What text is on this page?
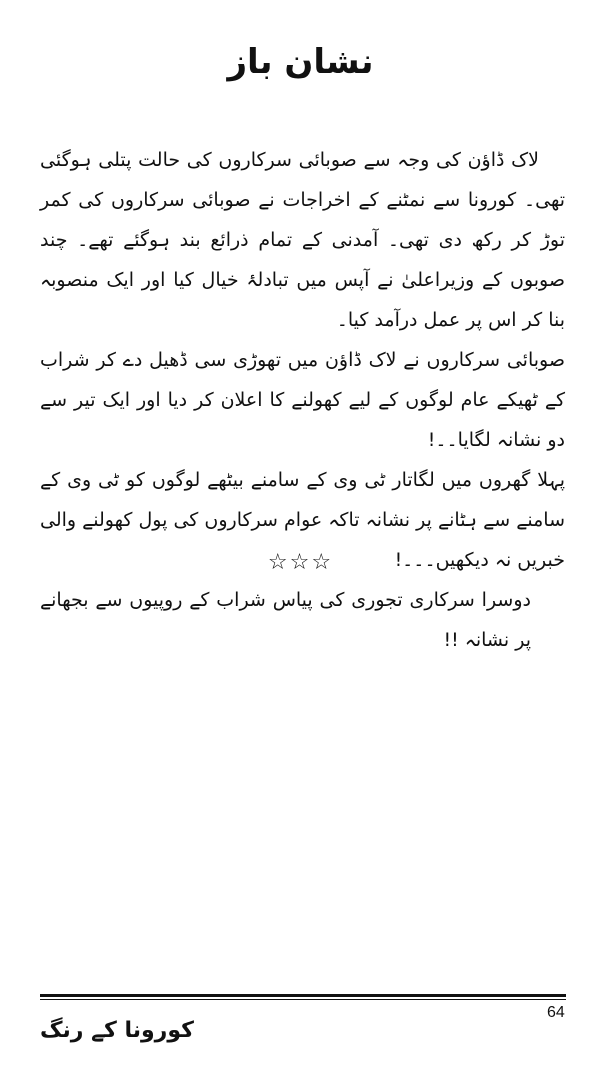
نشان باز

لاک ڈاؤن کی وجہ سے صوبائی سرکاروں کی حالت پتلی ہوگئی تھی۔ کورونا سے نمٹنے کے اخراجات نے صوبائی سرکاروں کی کمر توڑ کر رکھ دی تھی۔ آمدنی کے تمام ذرائع بند ہوگئے تھے۔ چند صوبوں کے وزیراعلیٰ نے آپس میں تبادلۂ خیال کیا اور ایک منصوبہ بنا کر اس پر عمل درآمد کیا۔

صوبائی سرکاروں نے لاک ڈاؤن میں تھوڑی سی ڈھیل دے کر شراب کے ٹھیکے عام لوگوں کے لیے کھولنے کا اعلان کر دیا اور ایک تیر سے دو نشانہ لگایا۔۔!

پہلا گھروں میں لگاتار ٹی وی کے سامنے بیٹھے لوگوں کو ٹی وی کے سامنے سے ہٹانے پر نشانہ تاکہ عوام سرکاروں کی پول کھولنے والی خبریں نہ دیکھیں۔۔۔!

دوسرا سرکاری تجوری کی پیاس شراب کے روپیوں سے بجھانے پر نشانہ !!

☆☆☆
64
کورونا کے رنگ
